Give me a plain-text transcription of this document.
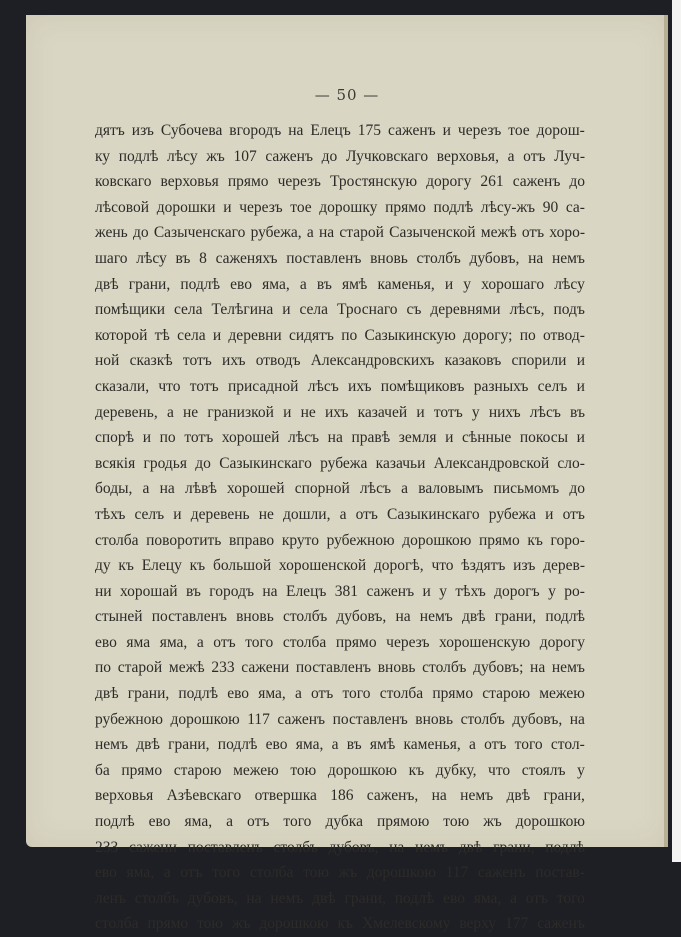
— 50 —
дятъ изъ Субочева вгородъ на Елецъ 175 саженъ и черезъ тое дорош-
ку подлѣ лѣсу жъ 107 саженъ до Лучковскаго верховья, а отъ Луч-
ковскаго верховья прямо черезъ Тростянскую дорогу 261 саженъ до
лѣсовой дорошки и черезъ тое дорошку прямо подлѣ лѣсу-жъ 90 са-
жень до Сазыченскаго рубежа, а на старой Сазыченской межѣ отъ хоро-
шаго лѣсу въ 8 саженяхъ поставленъ вновь столбъ дубовъ, на немъ
двѣ грани, подлѣ ево яма, а въ ямѣ каменья, и у хорошаго лѣсу
помѣщики села Телѣгина и села Троснаго съ деревнями лѣсъ, подъ
которой тѣ села и деревни сидятъ по Сазыкинскую дорогу; по отвод-
ной сказкѣ тотъ ихъ отводъ Александровскихъ казаковъ спорили и
сказали, что тотъ присадной лѣсъ ихъ помѣщиковъ разныхъ селъ и
деревень, а не гранизкой и не ихъ казачей и тотъ у нихъ лѣсъ въ
спорѣ и по тотъ хорошей лѣсъ на правѣ земля и сѣнные покосы и
всякія гродья до Сазыкинскаго рубежа казачьи Александровской сло-
боды, а на лѣвѣ хорошей спорной лѣсъ а валовымъ письмомъ до
тѣхъ селъ и деревень не дошли, а отъ Сазыкинскаго рубежа и отъ
столба поворотить вправо круто рубежною дорошкою прямо къ горо-
ду къ Елецу къ большой хорошенской дорогѣ, что ѣздятъ изъ дерев-
ни хорошай въ городъ на Елецъ 381 саженъ и у тѣхъ дорогъ у ро-
стыней поставленъ вновь столбъ дубовъ, на немъ двѣ грани, подлѣ
ево яма яма, а отъ того столба прямо черезъ хорошенскую дорогу
по старой межѣ 233 сажени поставленъ вновь столбъ дубовъ; на немъ
двѣ грани, подлѣ ево яма, а отъ того столба прямо старою межею
рубежною дорошкою 117 саженъ поставленъ вновь столбъ дубовъ, на
немъ двѣ грани, подлѣ ево яма, а въ ямѣ каменья, а отъ того стол-
ба прямо старою межею тою дорошкою къ дубку, что стоялъ у
верховья Азѣевскаго отвершка 186 саженъ, на немъ двѣ грани,
подлѣ ево яма, а отъ того дубка прямою тою жъ дорошкою
233 сажени поставленъ столбъ дубовъ, на немъ двѣ грани, подлѣ
ево яма, а отъ того столба тою жъ дорошкою 117 саженъ постав-
ленъ столбъ дубовъ, на немъ двѣ грани, подлѣ ево яма, а отъ того
столба прямо тою жъ дорошкою къ Хмелевскому верху 177 саженъ
